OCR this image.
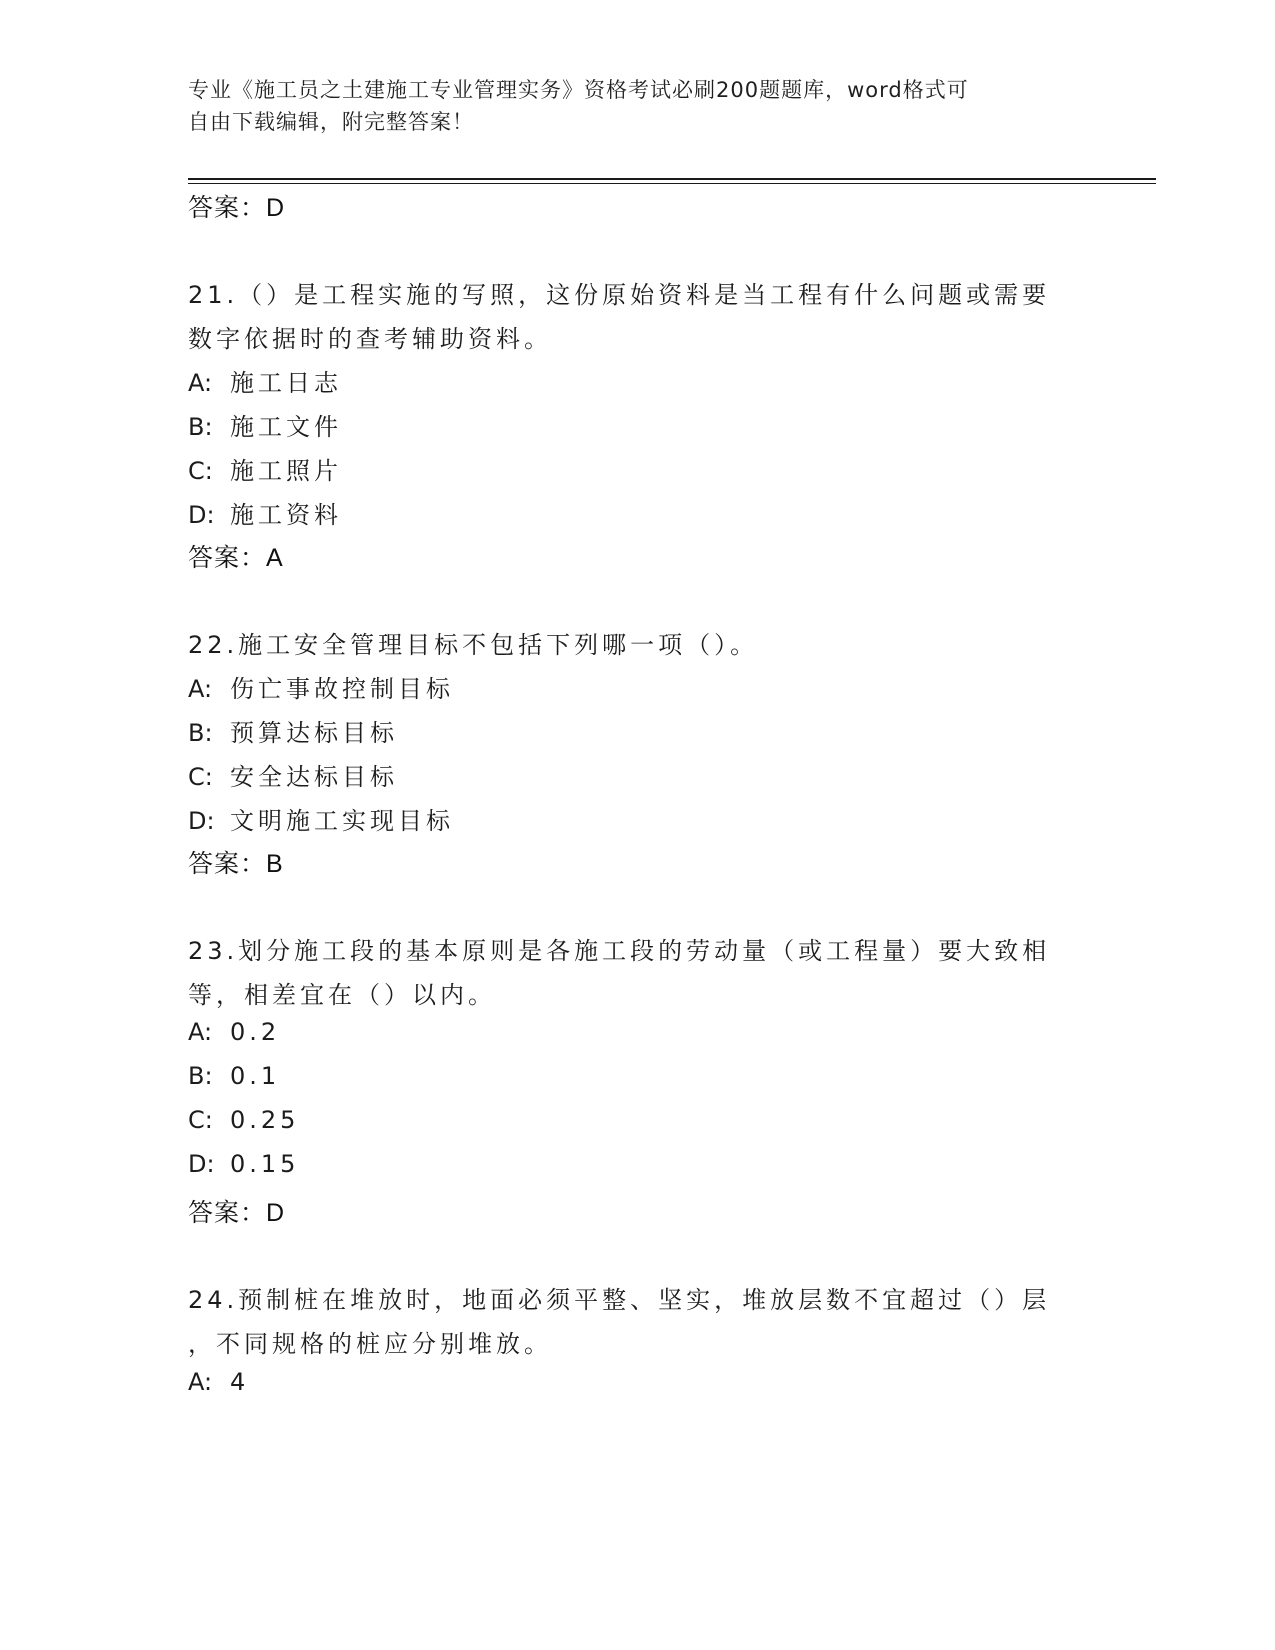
专业《施工员之土建施工专业管理实务》资格考试必刷200题题库，word格式可
自由下载编辑，附完整答案！
答案：D
21.（）是工程实施的写照，这份原始资料是当工程有什么问题或需要
数字依据时的查考辅助资料。
A: 施工日志
B: 施工文件
C: 施工照片
D: 施工资料
答案：A
22.施工安全管理目标不包括下列哪一项（）。
A: 伤亡事故控制目标
B: 预算达标目标
C: 安全达标目标
D: 文明施工实现目标
答案：B
23.划分施工段的基本原则是各施工段的劳动量（或工程量）要大致相
等，相差宜在（）以内。
A: 0.2
B: 0.1
C: 0.25
D: 0.15
答案：D
24.预制桩在堆放时，地面必须平整、坚实，堆放层数不宜超过（）层
，不同规格的桩应分别堆放。
A: 4
